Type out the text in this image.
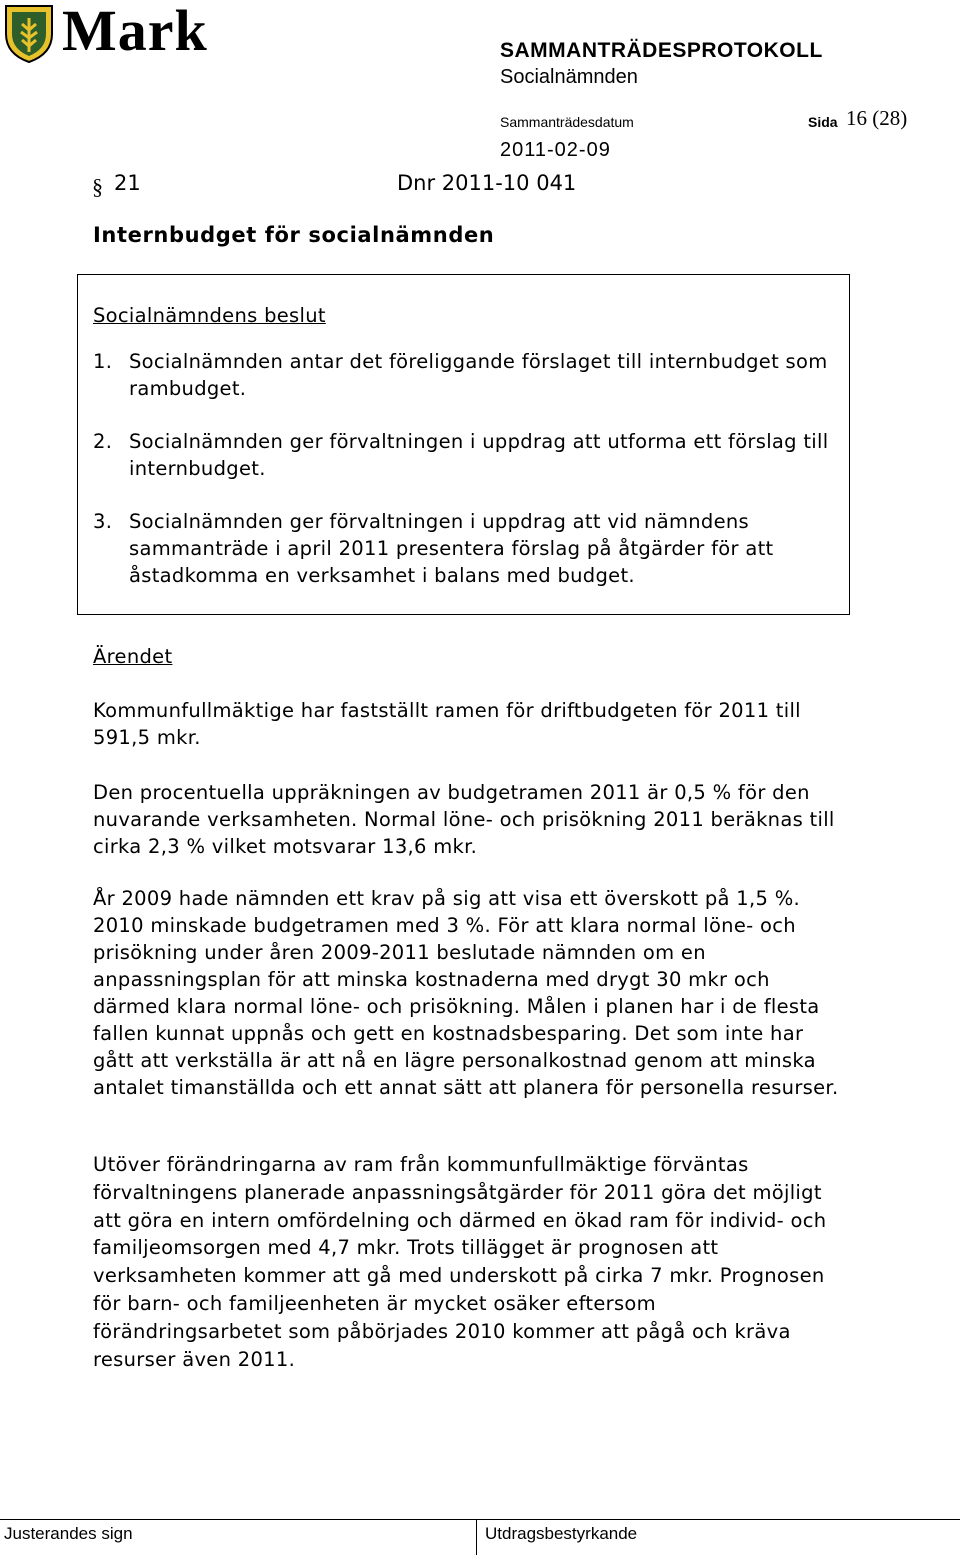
Mark	SAMMANTRÄDESPROTOKOLL
Socialnämnden
Sammanträdesdatum	Sida 16 (28)
2011-02-09
§ 21	Dnr 2011-10 041
Internbudget för socialnämnden
Socialnämndens beslut
1. Socialnämnden antar det föreliggande förslaget till internbudget som rambudget.
2. Socialnämnden ger förvaltningen i uppdrag att utforma ett förslag till internbudget.
3. Socialnämnden ger förvaltningen i uppdrag att vid nämndens sammanträde i april 2011 presentera förslag på åtgärder för att åstadkomma en verksamhet i balans med budget.
Ärendet
Kommunfullmäktige har fastställt ramen för driftbudgeten för 2011 till 591,5 mkr.
Den procentuella uppräkningen av budgetramen 2011 är 0,5 % för den nuvarande verksamheten. Normal löne- och prisökning 2011 beräknas till cirka 2,3 % vilket motsvarar 13,6 mkr.
År 2009 hade nämnden ett krav på sig att visa ett överskott på 1,5 %. 2010 minskade budgetramen med 3 %. För att klara normal löne- och prisökning under åren 2009-2011 beslutade nämnden om en anpassningsplan för att minska kostnaderna med drygt 30 mkr och därmed klara normal löne- och prisökning. Målen i planen har i de flesta fallen kunnat uppnås och gett en kostnadsbesparing. Det som inte har gått att verkställa är att nå en lägre personalkostnad genom att minska antalet timanställda och ett annat sätt att planera för personella resurser.
Utöver förändringarna av ram från kommunfullmäktige förväntas förvaltningens planerade anpassningsåtgärder för 2011 göra det möjligt att göra en intern omfördelning och därmed en ökad ram för individ- och familjeomsorgen med 4,7 mkr. Trots tillägget är prognosen att verksamheten kommer att gå med underskott på cirka 7 mkr. Prognosen för barn- och familjeenheten är mycket osäker eftersom förändringsarbetet som påbörjades 2010 kommer att pågå och kräva resurser även 2011.
Justerandes sign	Utdragsbestyrkande
